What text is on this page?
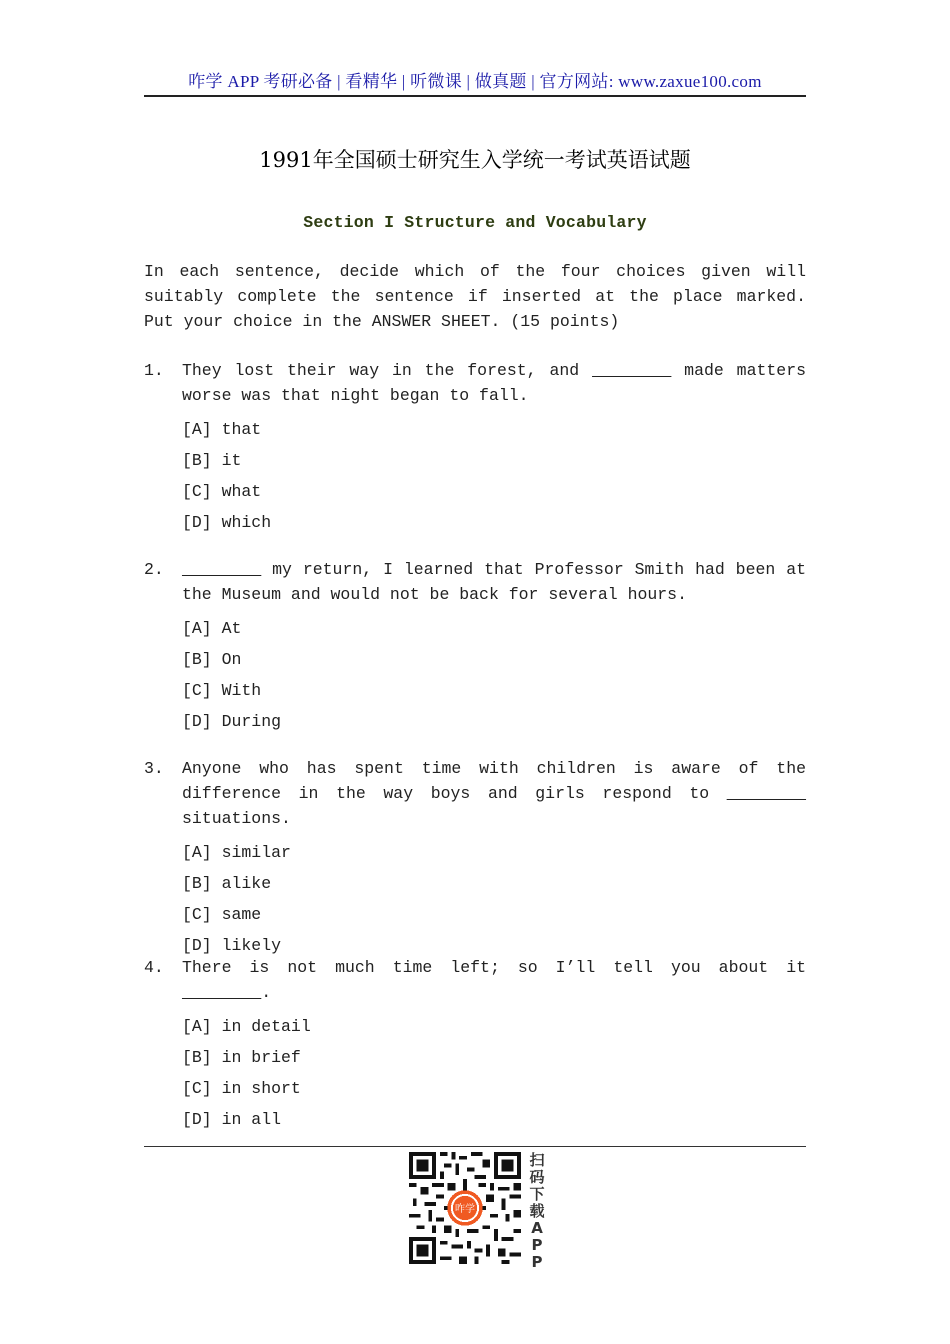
咋学 APP 考研必备 | 看精华 | 听微课 | 做真题 | 官方网站: www.zaxue100.com
1991年全国硕士研究生入学统一考试英语试题
Section I Structure and Vocabulary
In each sentence, decide which of the four choices given will suitably complete the sentence if inserted at the place marked. Put your choice in the ANSWER SHEET. (15 points)
1. They lost their way in the forest, and ________ made matters worse was that night began to fall.
[A] that
[B] it
[C] what
[D] which
2. ________ my return, I learned that Professor Smith had been at the Museum and would not be back for several hours.
[A] At
[B] On
[C] With
[D] During
3. Anyone who has spent time with children is aware of the difference in the way boys and girls respond to ________ situations.
[A] similar
[B] alike
[C] same
[D] likely
4. There is not much time left; so I’ll tell you about it ________.
[A] in detail
[B] in brief
[C] in short
[D] in all
咋学
扫码下载APP
